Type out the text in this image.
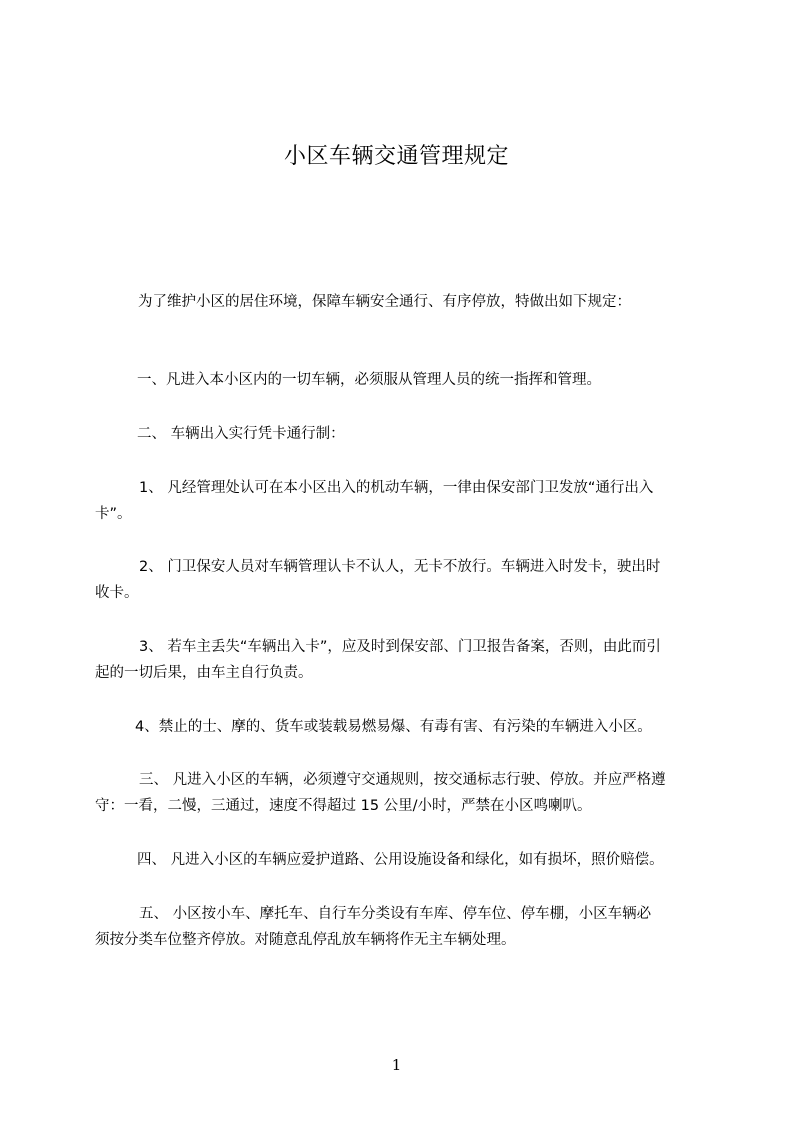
小区车辆交通管理规定
为了维护小区的居住环境，保障车辆安全通行、有序停放，特做出如下规定：
一、凡进入本小区内的一切车辆，必须服从管理人员的统一指挥和管理。
二、 车辆出入实行凭卡通行制：
1、 凡经管理处认可在本小区出入的机动车辆，一律由保安部门卫发放“通行出入
卡”。
2、 门卫保安人员对车辆管理认卡不认人，无卡不放行。车辆进入时发卡，驶出时
收卡。
3、 若车主丢失“车辆出入卡”，应及时到保安部、门卫报告备案，否则，由此而引
起的一切后果，由车主自行负责。
4、禁止的士、摩的、货车或装载易燃易爆、有毒有害、有污染的车辆进入小区。
三、 凡进入小区的车辆，必须遵守交通规则，按交通标志行驶、停放。并应严格遵
守：一看，二慢，三通过，速度不得超过 15 公里/小时，严禁在小区鸣喇叭。
四、 凡进入小区的车辆应爱护道路、公用设施设备和绿化，如有损坏，照价赔偿。
五、 小区按小车、摩托车、自行车分类设有车库、停车位、停车棚，小区车辆必
须按分类车位整齐停放。对随意乱停乱放车辆将作无主车辆处理。
1
